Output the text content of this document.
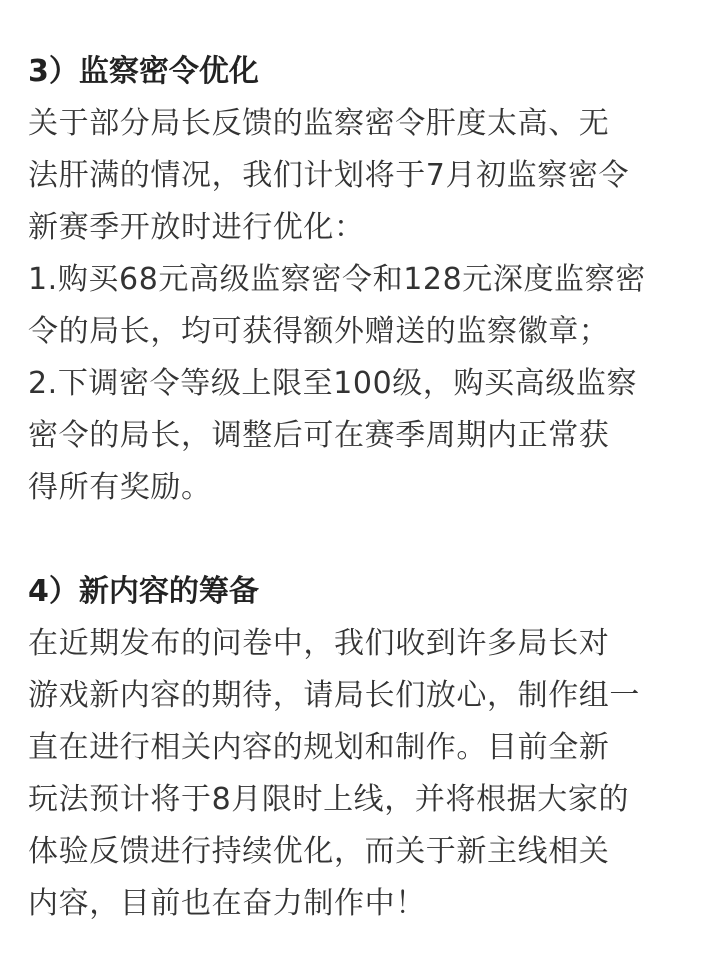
3）监察密令优化
关于部分局长反馈的监察密令肝度太高、无
法肝满的情况，我们计划将于7月初监察密令
新赛季开放时进行优化：
1.购买68元高级监察密令和128元深度监察密
令的局长，均可获得额外赠送的监察徽章；
2.下调密令等级上限至100级，购买高级监察
密令的局长，调整后可在赛季周期内正常获
得所有奖励。
4）新内容的筹备
在近期发布的问卷中，我们收到许多局长对
游戏新内容的期待，请局长们放心，制作组一
直在进行相关内容的规划和制作。目前全新
玩法预计将于8月限时上线，并将根据大家的
体验反馈进行持续优化，而关于新主线相关
内容，目前也在奋力制作中！
